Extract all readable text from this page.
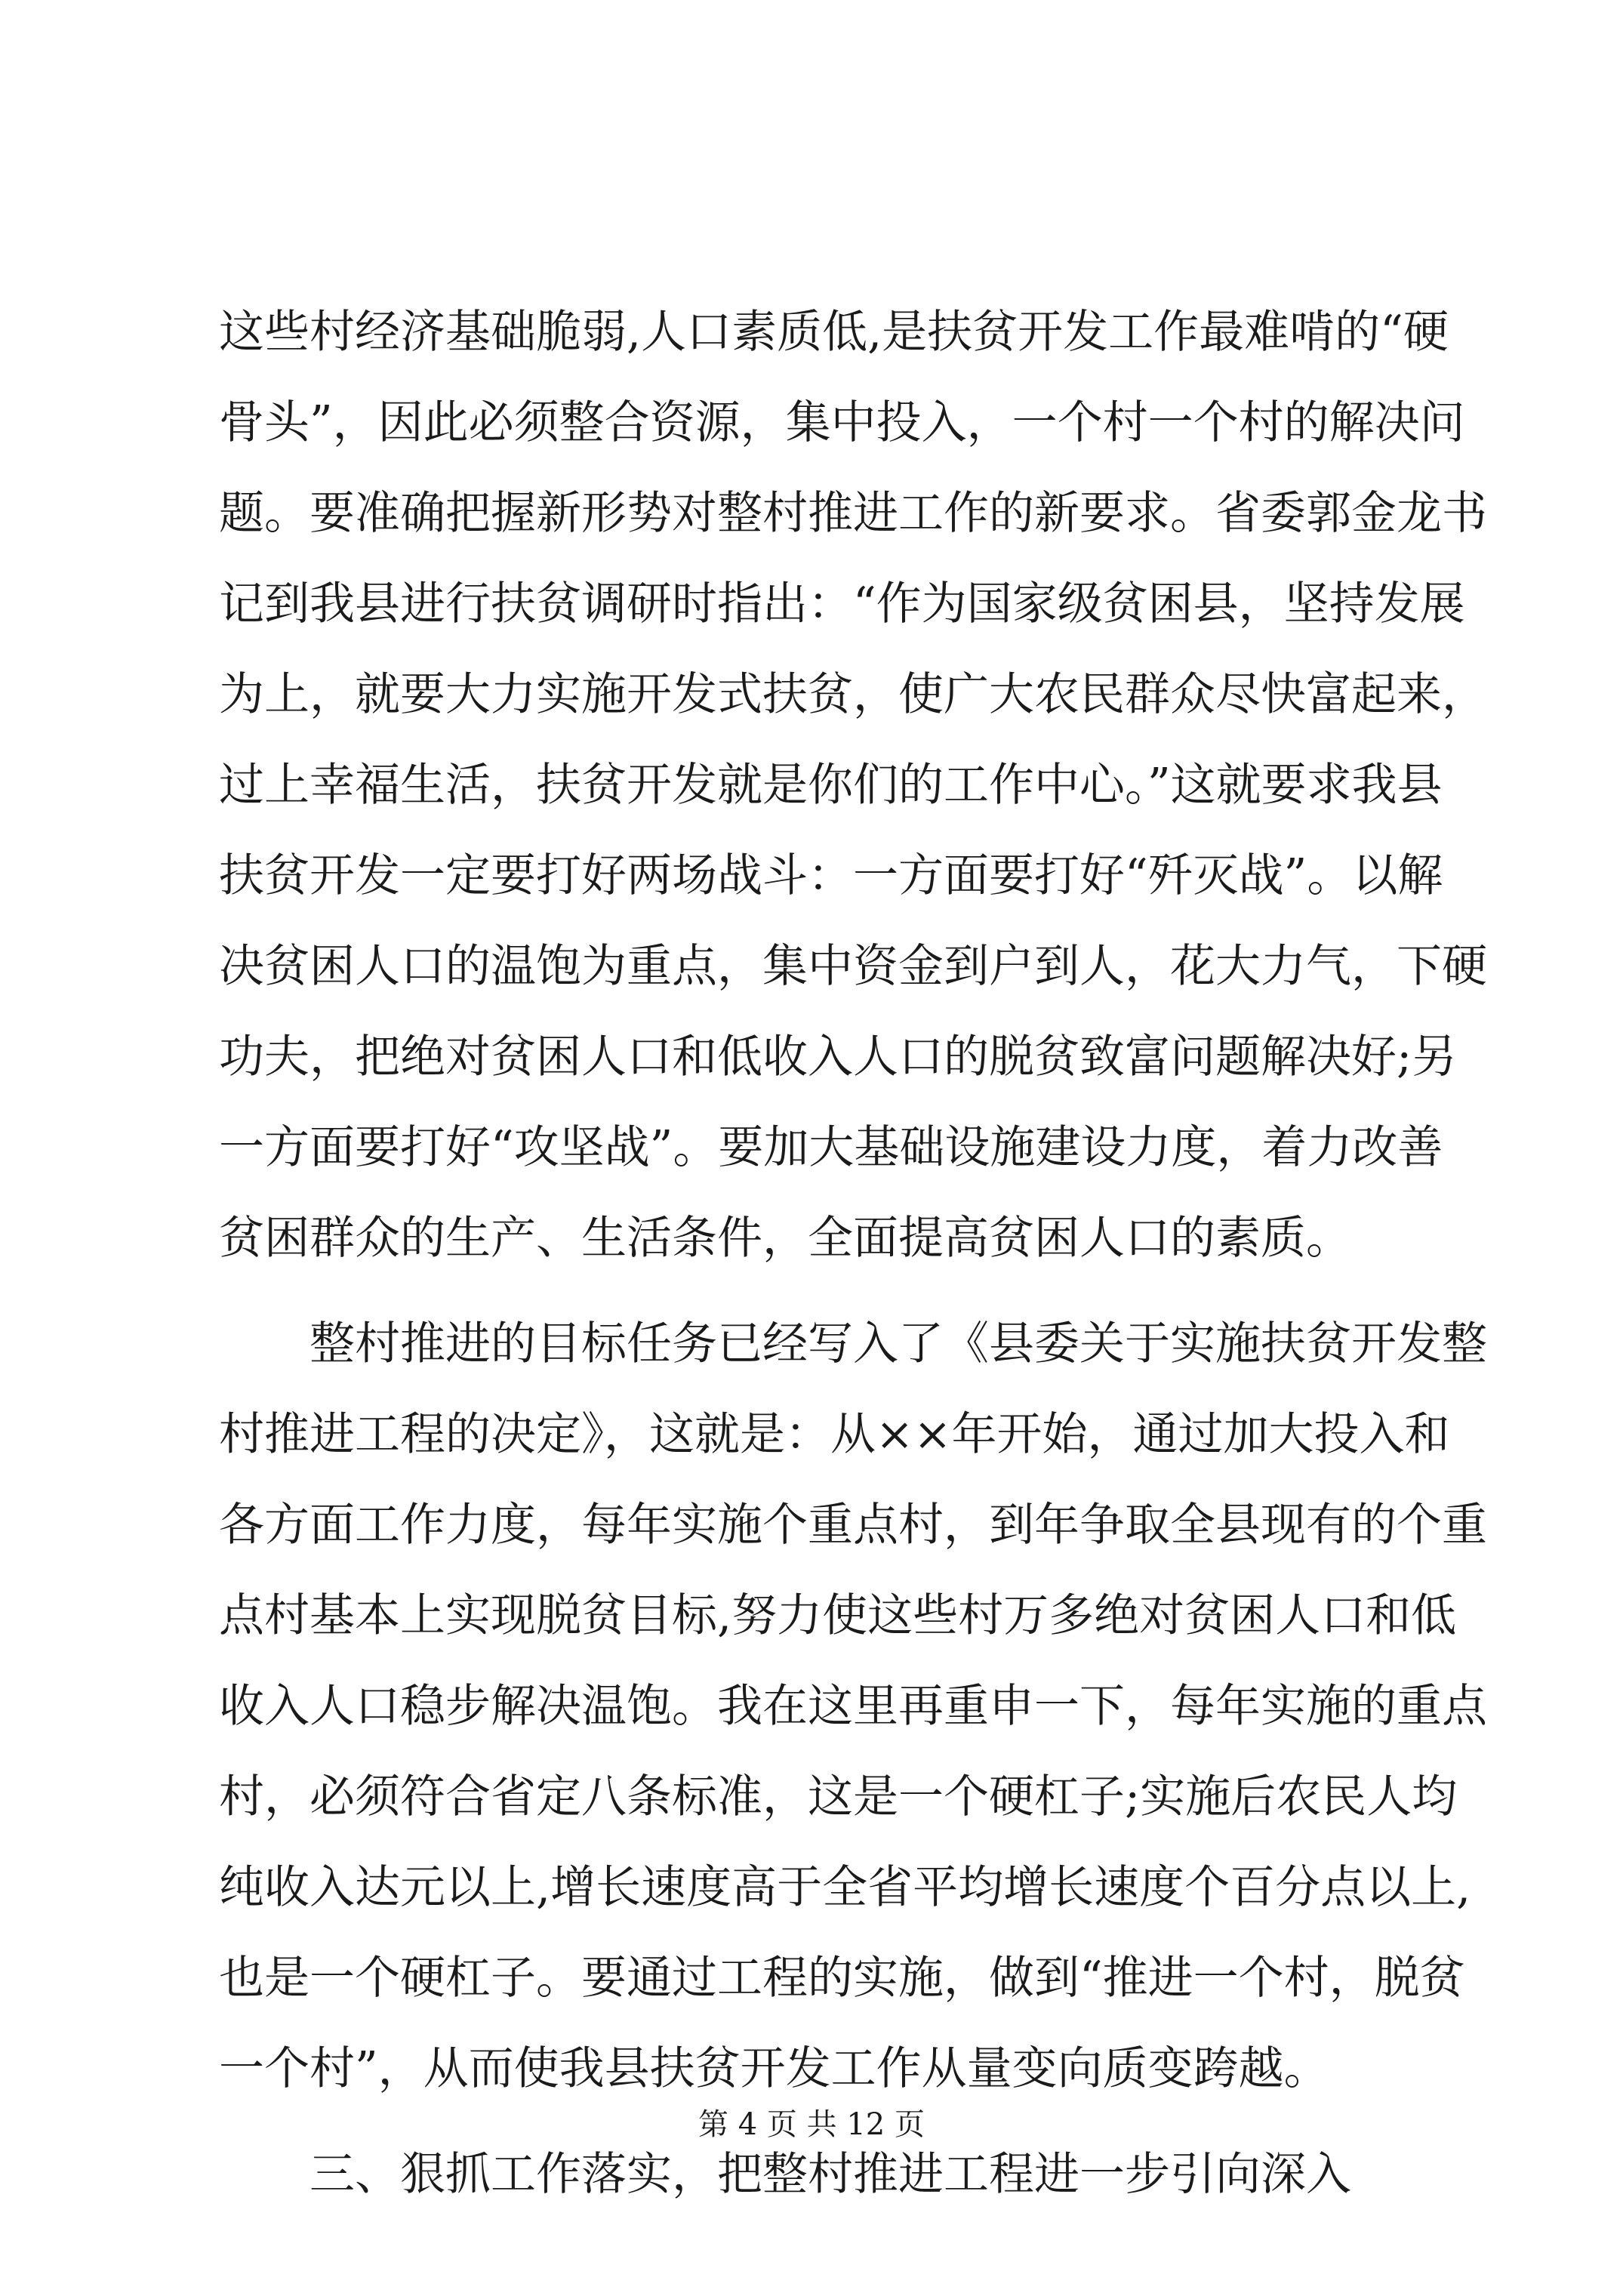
这些村经济基础脆弱,人口素质低,是扶贫开发工作最难啃的“硬
骨头”，因此必须整合资源，集中投入，一个村一个村的解决问
题。要准确把握新形势对整村推进工作的新要求。省委郭金龙书
记到我县进行扶贫调研时指出：“作为国家级贫困县，坚持发展
为上，就要大力实施开发式扶贫，使广大农民群众尽快富起来，
过上幸福生活，扶贫开发就是你们的工作中心。”这就要求我县
扶贫开发一定要打好两场战斗：一方面要打好“歼灭战”。以解
决贫困人口的温饱为重点，集中资金到户到人，花大力气，下硬
功夫，把绝对贫困人口和低收入人口的脱贫致富问题解决好;另
一方面要打好“攻坚战”。要加大基础设施建设力度，着力改善
贫困群众的生产、生活条件，全面提高贫困人口的素质。
整村推进的目标任务已经写入了《县委关于实施扶贫开发整
村推进工程的决定》，这就是：从××年开始，通过加大投入和
各方面工作力度，每年实施个重点村，到年争取全县现有的个重
点村基本上实现脱贫目标,努力使这些村万多绝对贫困人口和低
收入人口稳步解决温饱。我在这里再重申一下，每年实施的重点
村，必须符合省定八条标准，这是一个硬杠子;实施后农民人均
纯收入达元以上,增长速度高于全省平均增长速度个百分点以上,
也是一个硬杠子。要通过工程的实施，做到“推进一个村，脱贫
一个村”，从而使我县扶贫开发工作从量变向质变跨越。
三、狠抓工作落实，把整村推进工程进一步引向深入
第 4 页 共 12 页
